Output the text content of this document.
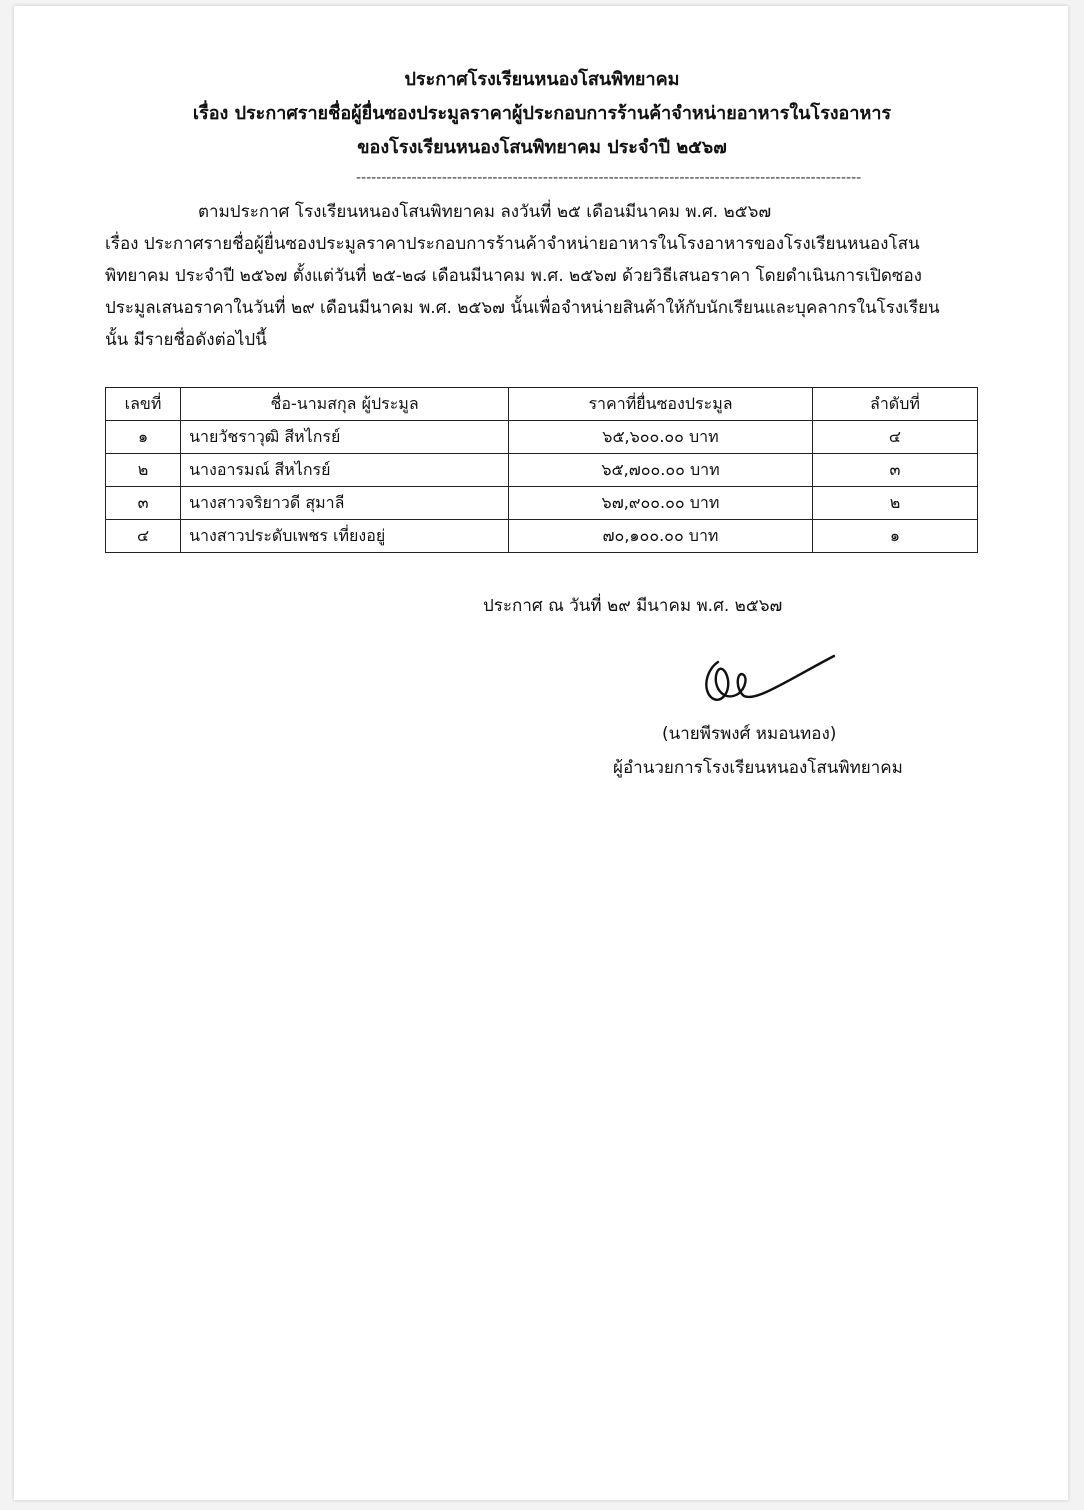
ประกาศโรงเรียนหนองโสนพิทยาคม
เรื่อง ประกาศรายชื่อผู้ยื่นซองประมูลราคาผู้ประกอบการร้านค้าจำหน่ายอาหารในโรงอาหาร
ของโรงเรียนหนองโสนพิทยาคม ประจำปี ๒๕๖๗
----------------------------------------------------------------------------------------------------
ตามประกาศ โรงเรียนหนองโสนพิทยาคม ลงวันที่ ๒๕ เดือนมีนาคม พ.ศ. ๒๕๖๗
เรื่อง ประกาศรายชื่อผู้ยื่นซองประมูลราคาประกอบการร้านค้าจำหน่ายอาหารในโรงอาหารของโรงเรียนหนองโสน
พิทยาคม ประจำปี ๒๕๖๗ ตั้งแต่วันที่ ๒๕-๒๘ เดือนมีนาคม พ.ศ. ๒๕๖๗ ด้วยวิธีเสนอราคา โดยดำเนินการเปิดซอง
ประมูลเสนอราคาในวันที่ ๒๙ เดือนมีนาคม พ.ศ. ๒๕๖๗ นั้นเพื่อจำหน่ายสินค้าให้กับนักเรียนและบุคลากรในโรงเรียน
นั้น มีรายชื่อดังต่อไปนี้
เลขที่	ชื่อ-นามสกุล ผู้ประมูล	ราคาที่ยื่นซองประมูล	ลำดับที่
๑	นายวัชราวุฒิ สีหไกรย์	๖๕,๖๐๐.๐๐ บาท	๔
๒	นางอารมณ์ สีหไกรย์	๖๕,๗๐๐.๐๐ บาท	๓
๓	นางสาวจริยาวดี สุมาลี	๖๗,๙๐๐.๐๐ บาท	๒
๔	นางสาวประดับเพชร เที่ยงอยู่	๗๐,๑๐๐.๐๐ บาท	๑
ประกาศ ณ วันที่ ๒๙ มีนาคม พ.ศ. ๒๕๖๗
(นายพีรพงศ์ หมอนทอง)
ผู้อำนวยการโรงเรียนหนองโสนพิทยาคม
